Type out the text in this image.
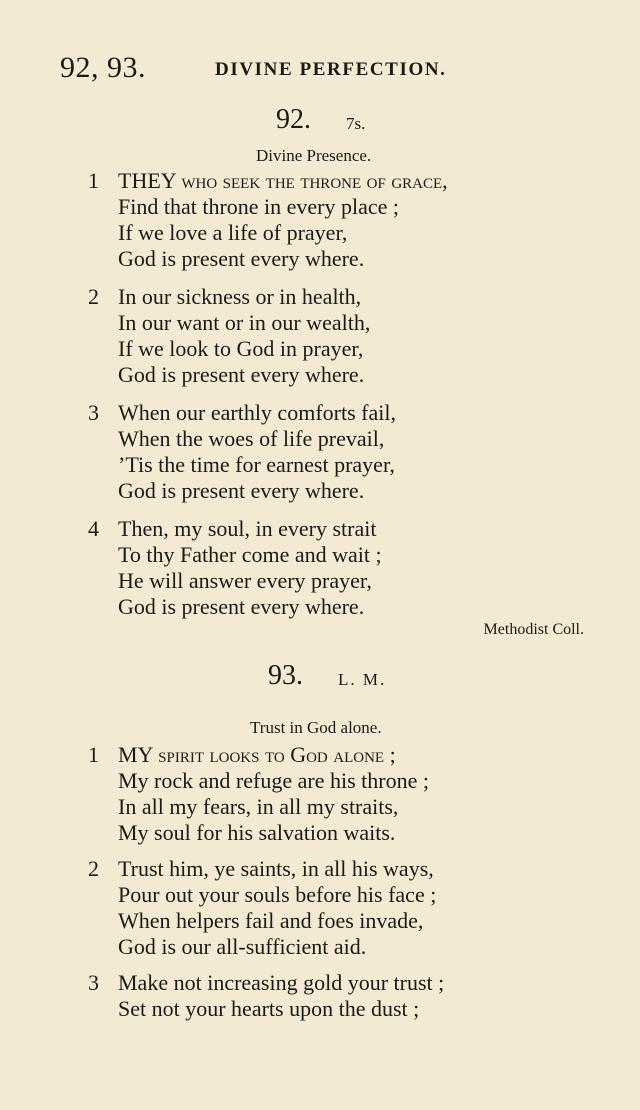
92, 93.	DIVINE PERFECTION.
92. 7s.
Divine Presence.
1 THEY who seek the throne of grace,
Find that throne in every place ;
If we love a life of prayer,
God is present every where.
2 In our sickness or in health,
In our want or in our wealth,
If we look to God in prayer,
God is present every where.
3 When our earthly comforts fail,
When the woes of life prevail,
’Tis the time for earnest prayer,
God is present every where.
4 Then, my soul, in every strait
To thy Father come and wait ;
He will answer every prayer,
God is present every where.
Methodist Coll.
93. L. M.
Trust in God alone.
1 MY spirit looks to God alone ;
My rock and refuge are his throne ;
In all my fears, in all my straits,
My soul for his salvation waits.
2 Trust him, ye saints, in all his ways,
Pour out your souls before his face ;
When helpers fail and foes invade,
God is our all-sufficient aid.
3 Make not increasing gold your trust ;
Set not your hearts upon the dust ;
